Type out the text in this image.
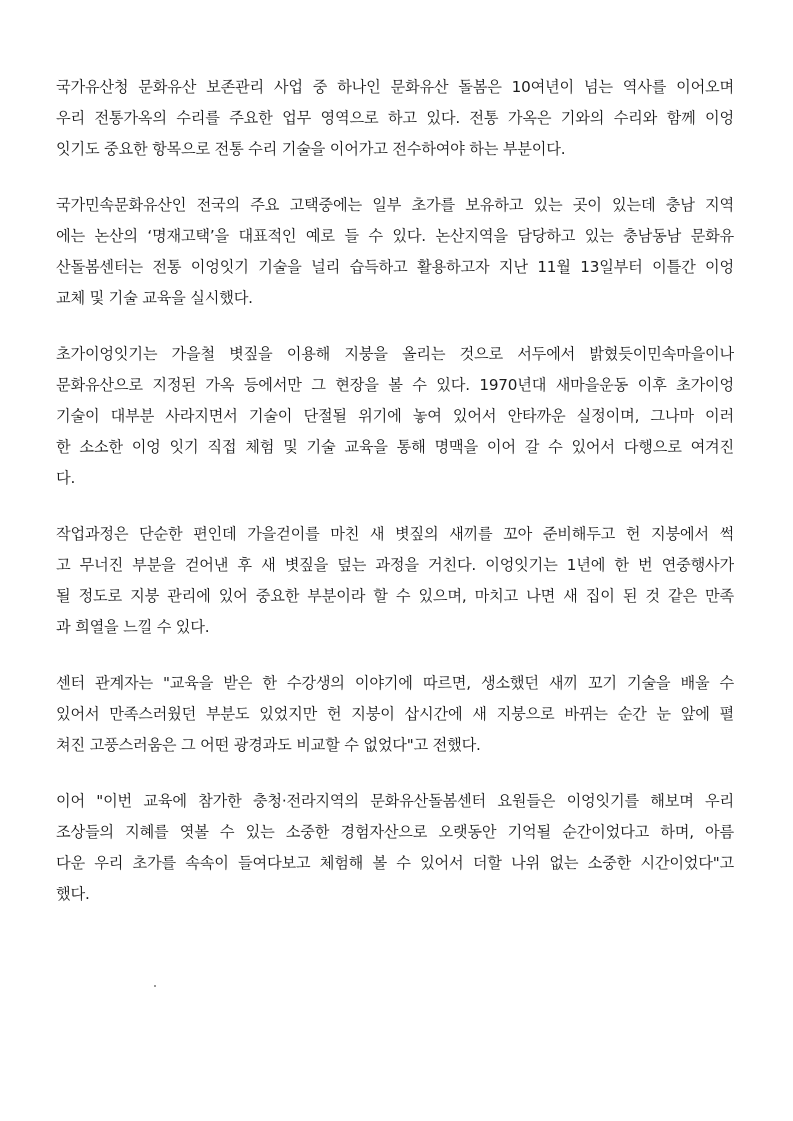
국가유산청 문화유산 보존관리 사업 중 하나인 문화유산 돌봄은 10여년이 넘는 역사를 이어오며
우리 전통가옥의 수리를 주요한 업무 영역으로 하고 있다. 전통 가옥은 기와의 수리와 함께 이엉
잇기도 중요한 항목으로 전통 수리 기술을 이어가고 전수하여야 하는 부분이다.

국가민속문화유산인 전국의 주요 고택중에는 일부 초가를 보유하고 있는 곳이 있는데 충남 지역
에는 논산의 ‘명재고택’을 대표적인 예로 들 수 있다. 논산지역을 담당하고 있는 충남동남 문화유
산돌봄센터는 전통 이엉잇기 기술을 널리 습득하고 활용하고자 지난 11월 13일부터 이틀간 이엉
교체 및 기술 교육을 실시했다.

초가이엉잇기는 가을철 볏짚을 이용해 지붕을 올리는 것으로 서두에서 밝혔듯이민속마을이나
문화유산으로 지정된 가옥 등에서만 그 현장을 볼 수 있다. 1970년대 새마을운동 이후 초가이엉
기술이 대부분 사라지면서 기술이 단절될 위기에 놓여 있어서 안타까운 실정이며, 그나마 이러
한 소소한 이엉 잇기 직접 체험 및 기술 교육을 통해 명맥을 이어 갈 수 있어서 다행으로 여겨진
다.

작업과정은 단순한 편인데 가을걷이를 마친 새 볏짚의 새끼를 꼬아 준비해두고 헌 지붕에서 썩
고 무너진 부분을 걷어낸 후 새 볏짚을 덮는 과정을 거친다. 이엉잇기는 1년에 한 번 연중행사가
될 정도로 지붕 관리에 있어 중요한 부분이라 할 수 있으며, 마치고 나면 새 집이 된 것 같은 만족
과 희열을 느낄 수 있다.

센터 관계자는 "교육을 받은 한 수강생의 이야기에 따르면, 생소했던 새끼 꼬기 기술을 배울 수
있어서 만족스러웠던 부분도 있었지만 헌 지붕이 삽시간에 새 지붕으로 바뀌는 순간 눈 앞에 펼
쳐진 고풍스러움은 그 어떤 광경과도 비교할 수 없었다"고 전했다.

이어 "이번 교육에 참가한 충청·전라지역의 문화유산돌봄센터 요원들은 이엉잇기를 해보며 우리
조상들의 지혜를 엿볼 수 있는 소중한 경험자산으로 오랫동안 기억될 순간이었다고 하며, 아름
다운 우리 초가를 속속이 들여다보고 체험해 볼 수 있어서 더할 나위 없는 소중한 시간이었다"고
했다.
